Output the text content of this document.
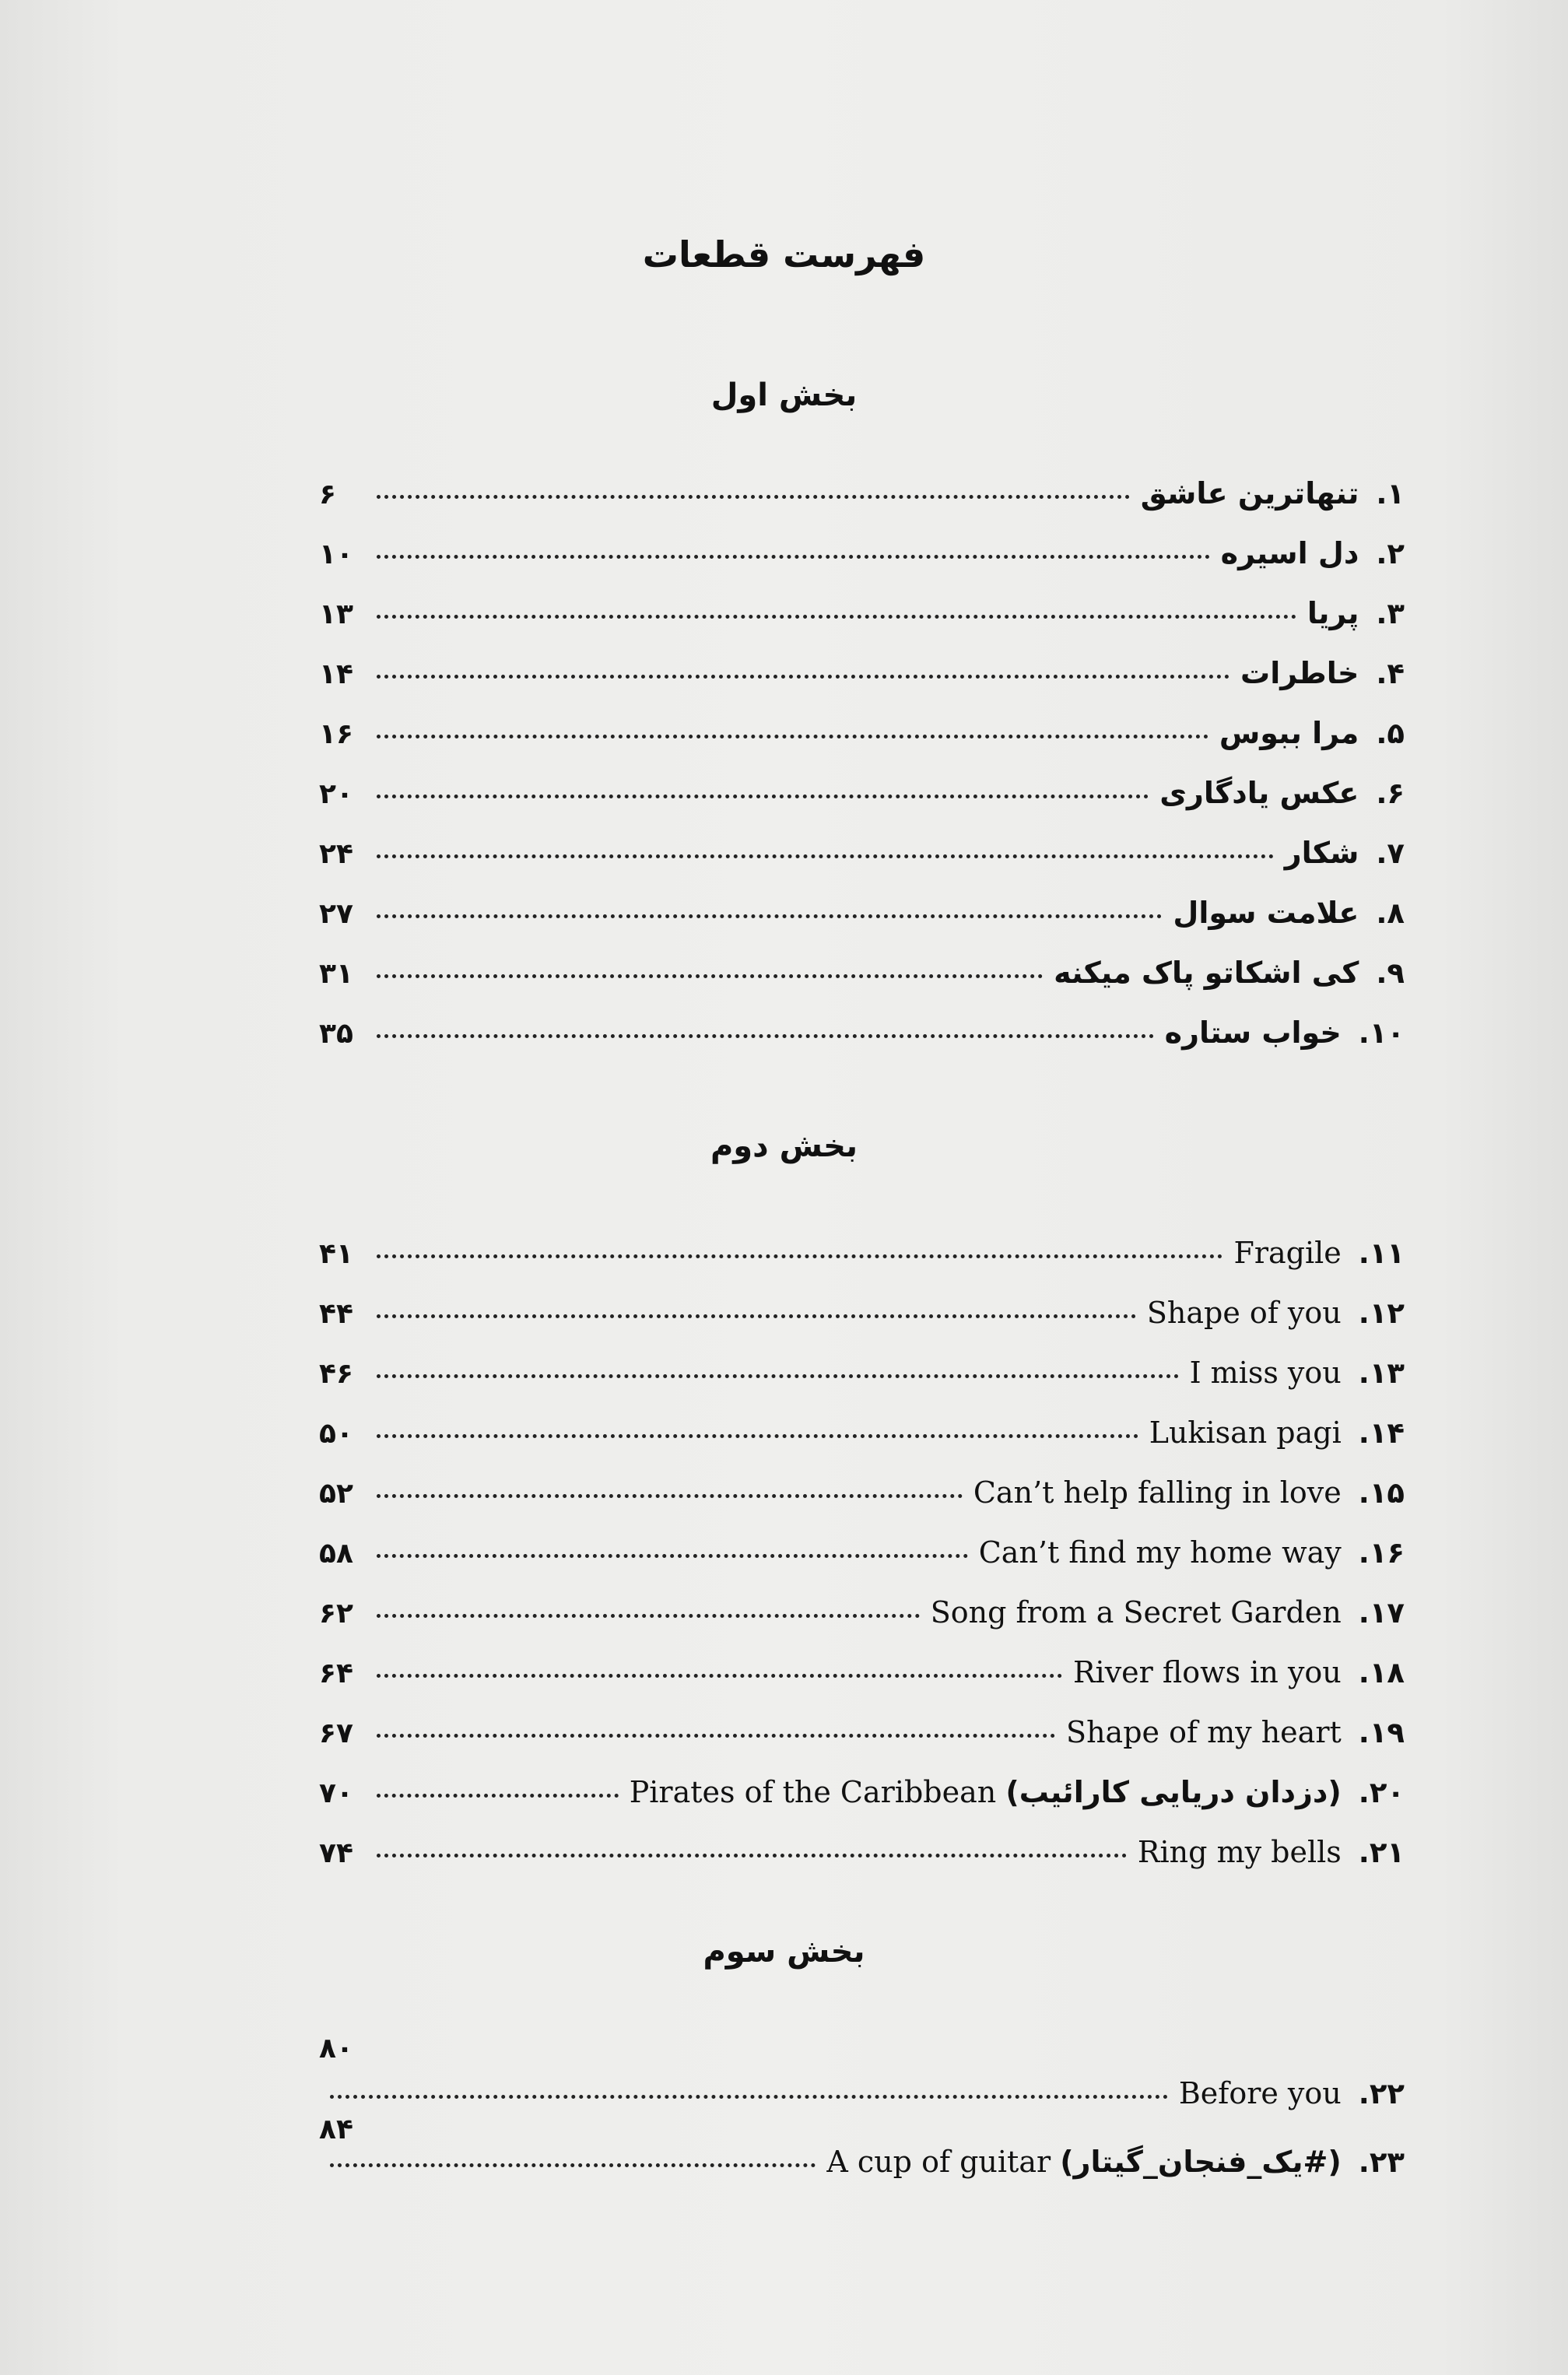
فهرست قطعات
بخش اول
۱.
تنهاترین عاشق
۶
۲.
دل اسیره
۱۰
۳.
پریا
۱۳
۴.
خاطرات
۱۴
۵.
مرا ببوس
۱۶
۶.
عکس یادگاری
۲۰
۷.
شکار
۲۴
۸.
علامت سوال
۲۷
۹.
کی اشکاتو پاک میکنه
۳۱
۱۰.
خواب ستاره
۳۵
بخش دوم
۱۱.
Fragile
۴۱
۱۲.
Shape of you
۴۴
۱۳.
I miss you
۴۶
۱۴.
Lukisan pagi
۵۰
۱۵.
Can’t help falling in love
۵۲
۱۶.
Can’t find my home way
۵۸
۱۷.
Song from a Secret Garden
۶۲
۱۸.
River flows in you
۶۴
۱۹.
Shape of my heart
۶۷
۲۰.
Pirates of the Caribbean (دزدان دریایی کارائیب)
۷۰
۲۱.
Ring my bells
۷۴
بخش سوم
۸۰
۲۲.
Before you
۸۴
۲۳.
A cup of guitar (#یک_فنجان_گیتار)
